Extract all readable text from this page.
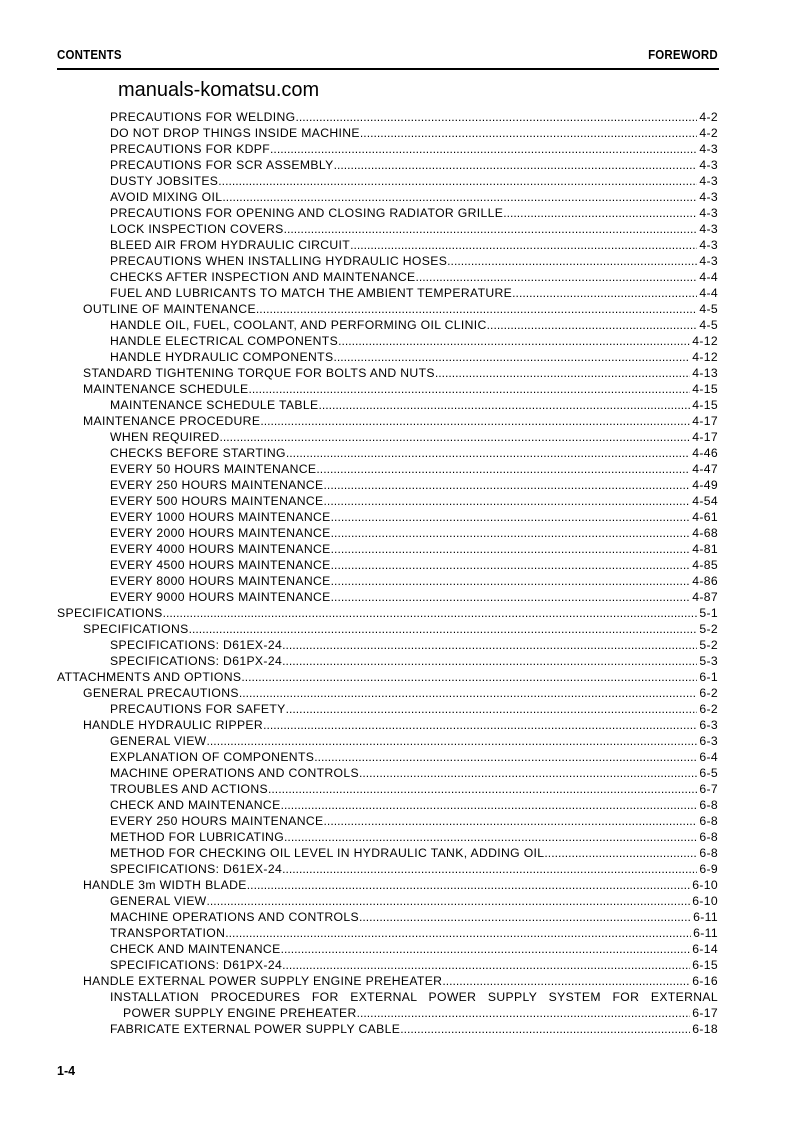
CONTENTS	FOREWORD
manuals-komatsu.com
PRECAUTIONS FOR WELDING .....	4-2
DO NOT DROP THINGS INSIDE MACHINE .....	4-2
PRECAUTIONS FOR KDPF .....	4-3
PRECAUTIONS FOR SCR ASSEMBLY .....	4-3
DUSTY JOBSITES .....	4-3
AVOID MIXING OIL .....	4-3
PRECAUTIONS FOR OPENING AND CLOSING RADIATOR GRILLE .....	4-3
LOCK INSPECTION COVERS .....	4-3
BLEED AIR FROM HYDRAULIC CIRCUIT .....	4-3
PRECAUTIONS WHEN INSTALLING HYDRAULIC HOSES .....	4-3
CHECKS AFTER INSPECTION AND MAINTENANCE .....	4-4
FUEL AND LUBRICANTS TO MATCH THE AMBIENT TEMPERATURE .....	4-4
OUTLINE OF MAINTENANCE .....	4-5
HANDLE OIL, FUEL, COOLANT, AND PERFORMING OIL CLINIC .....	4-5
HANDLE ELECTRICAL COMPONENTS .....	4-12
HANDLE HYDRAULIC COMPONENTS .....	4-12
STANDARD TIGHTENING TORQUE FOR BOLTS AND NUTS .....	4-13
MAINTENANCE SCHEDULE .....	4-15
MAINTENANCE SCHEDULE TABLE .....	4-15
MAINTENANCE PROCEDURE .....	4-17
WHEN REQUIRED .....	4-17
CHECKS BEFORE STARTING .....	4-46
EVERY 50 HOURS MAINTENANCE .....	4-47
EVERY 250 HOURS MAINTENANCE .....	4-49
EVERY 500 HOURS MAINTENANCE .....	4-54
EVERY 1000 HOURS MAINTENANCE .....	4-61
EVERY 2000 HOURS MAINTENANCE .....	4-68
EVERY 4000 HOURS MAINTENANCE .....	4-81
EVERY 4500 HOURS MAINTENANCE .....	4-85
EVERY 8000 HOURS MAINTENANCE .....	4-86
EVERY 9000 HOURS MAINTENANCE .....	4-87
SPECIFICATIONS .....	5-1
SPECIFICATIONS .....	5-2
SPECIFICATIONS: D61EX-24 .....	5-2
SPECIFICATIONS: D61PX-24 .....	5-3
ATTACHMENTS AND OPTIONS .....	6-1
GENERAL PRECAUTIONS .....	6-2
PRECAUTIONS FOR SAFETY .....	6-2
HANDLE HYDRAULIC RIPPER .....	6-3
GENERAL VIEW .....	6-3
EXPLANATION OF COMPONENTS .....	6-4
MACHINE OPERATIONS AND CONTROLS .....	6-5
TROUBLES AND ACTIONS .....	6-7
CHECK AND MAINTENANCE .....	6-8
EVERY 250 HOURS MAINTENANCE .....	6-8
METHOD FOR LUBRICATING .....	6-8
METHOD FOR CHECKING OIL LEVEL IN HYDRAULIC TANK, ADDING OIL .....	6-8
SPECIFICATIONS: D61EX-24 .....	6-9
HANDLE 3m WIDTH BLADE .....	6-10
GENERAL VIEW .....	6-10
MACHINE OPERATIONS AND CONTROLS .....	6-11
TRANSPORTATION .....	6-11
CHECK AND MAINTENANCE .....	6-14
SPECIFICATIONS: D61PX-24 .....	6-15
HANDLE EXTERNAL POWER SUPPLY ENGINE PREHEATER .....	6-16
INSTALLATION PROCEDURES FOR EXTERNAL POWER SUPPLY SYSTEM FOR EXTERNAL
POWER SUPPLY ENGINE PREHEATER .....	6-17
FABRICATE EXTERNAL POWER SUPPLY CABLE .....	6-18
1-4
